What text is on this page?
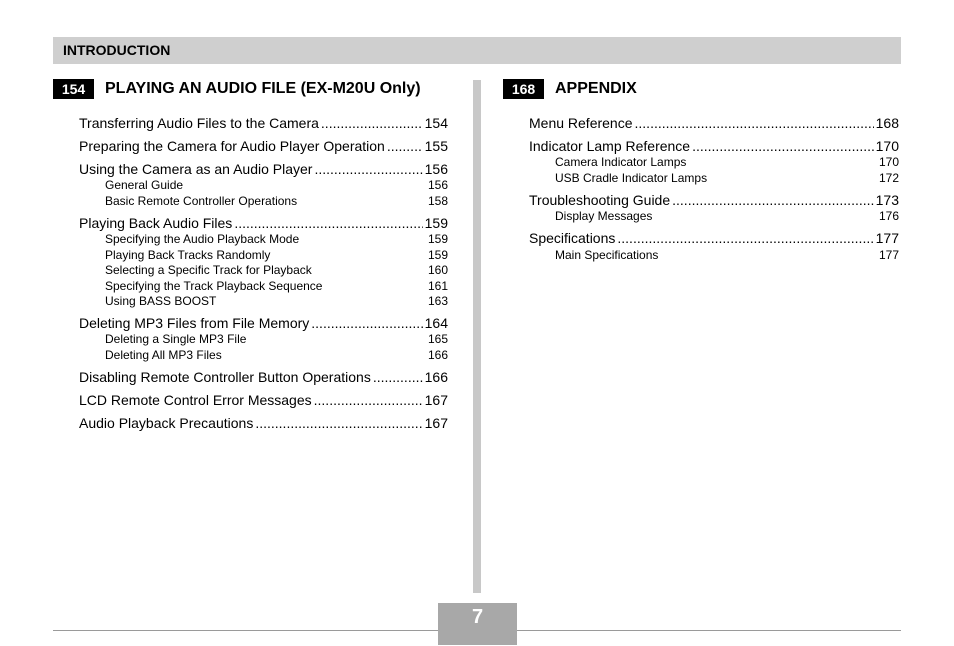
INTRODUCTION
154	PLAYING AN AUDIO FILE (EX-M20U Only)
Transferring Audio Files to the Camera .....	154
Preparing the Camera for Audio Player Operation .....	155
Using the Camera as an Audio Player .....	156
General Guide	156
Basic Remote Controller Operations	158
Playing Back Audio Files .....	159
Specifying the Audio Playback Mode	159
Playing Back Tracks Randomly	159
Selecting a Specific Track for Playback	160
Specifying the Track Playback Sequence	161
Using BASS BOOST	163
Deleting MP3 Files from File Memory .....	164
Deleting a Single MP3 File	165
Deleting All MP3 Files	166
Disabling Remote Controller Button Operations .....	166
LCD Remote Control Error Messages .....	167
Audio Playback Precautions .....	167
168	APPENDIX
Menu Reference .....	168
Indicator Lamp Reference .....	170
Camera Indicator Lamps	170
USB Cradle Indicator Lamps	172
Troubleshooting Guide .....	173
Display Messages	176
Specifications .....	177
Main Specifications	177
7
